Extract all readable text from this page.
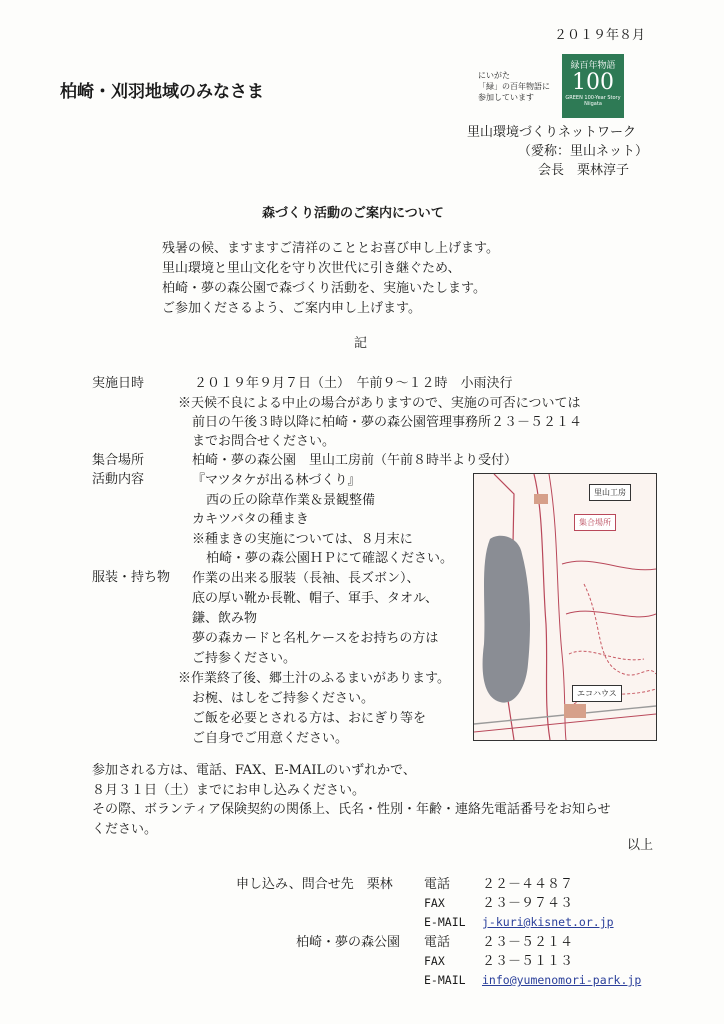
２０１９年８月
柏崎・刈羽地域のみなさま
にいがた
「緑」の百年物語に
参加しています
緑百年物語
100
GREEN 100-Year Story Niigata
里山環境づくりネットワーク
（愛称：里山ネット）
会長　栗林淳子
森づくり活動のご案内について
残暑の候、ますますご清祥のこととお喜び申し上げます。
里山環境と里山文化を守り次世代に引き継ぐため、
柏崎・夢の森公園で森づくり活動を、実施いたします。
ご参加くださるよう、ご案内申し上げます。
記
実施日時	２０１９年９月７日（土）　午前９～１２時　小雨決行
※天候不良による中止の場合がありますので、実施の可否については
前日の午後３時以降に柏崎・夢の森公園管理事務所２３－５２１４
までお問合せください。
集合場所	柏崎・夢の森公園　里山工房前（午前８時半より受付）
活動内容	『マツタケが出る林づくり』
西の丘の除草作業＆景観整備
カキツバタの種まき
※種まきの実施については、８月末に
柏崎・夢の森公園ＨＰにて確認ください。
服装・持ち物 作業の出来る服装（長袖、長ズボン）、
底の厚い靴か長靴、帽子、軍手、タオル、
鎌、飲み物
夢の森カードと名札ケースをお持ちの方は
ご持参ください。
※作業終了後、郷土汁のふるまいがあります。
お椀、はしをご持参ください。
ご飯を必要とされる方は、おにぎり等を
ご自身でご用意ください。
里山工房
集合場所
エコハウス
参加される方は、電話、FAX、E-MAILのいずれかで、
８月３１日（土）までにお申し込みください。
その際、ボランティア保険契約の関係上、氏名・性別・年齢・連絡先電話番号をお知らせ
ください。
以上
申し込み、問合せ先　栗林 電話 ２２－４４８７
FAX	２３－９７４３
E-MAIL j-kuri@kisnet.or.jp
柏崎・夢の森公園 電話 ２３－５２１４
FAX	２３－５１１３
E-MAIL info@yumenomori-park.jp
